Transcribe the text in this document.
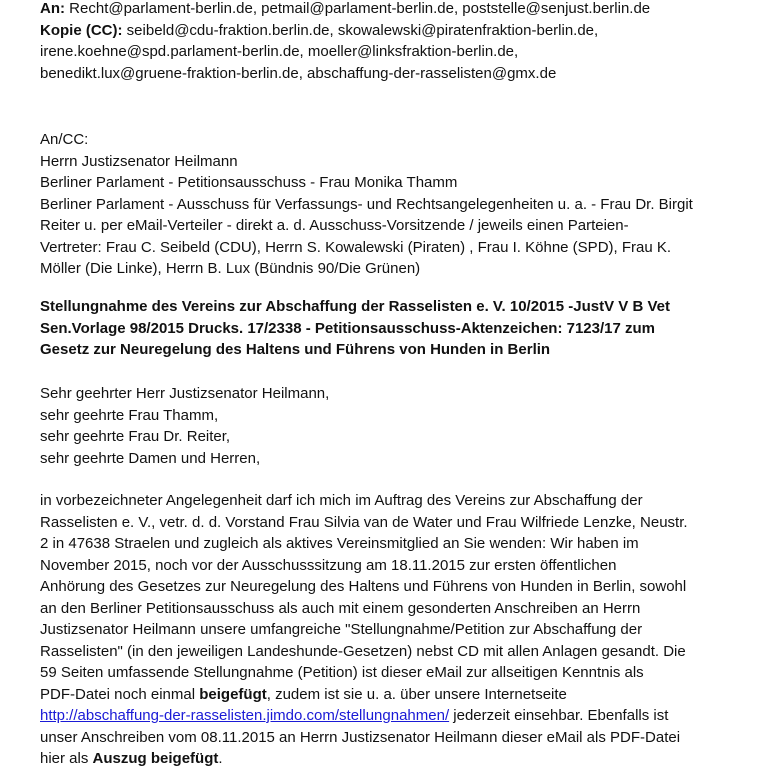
An: Recht@parlament-berlin.de, petmail@parlament-berlin.de, poststelle@senjust.berlin.de

Kopie (CC): seibeld@cdu-fraktion.berlin.de, skowalewski@piratenfraktion-berlin.de,

irene.koehne@spd.parlament-berlin.de, moeller@linksfraktion-berlin.de,

benedikt.lux@gruene-fraktion-berlin.de, abschaffung-der-rasselisten@gmx.de

An/CC:
Herrn Justizsenator Heilmann
Berliner Parlament - Petitionsausschuss - Frau Monika Thamm
Berliner Parlament - Ausschuss für Verfassungs- und Rechtsangelegenheiten u. a. - Frau Dr. Birgit
Reiter u. per eMail-Verteiler - direkt a. d. Ausschuss-Vorsitzende / jeweils einen Parteien-
Vertreter: Frau C. Seibeld (CDU), Herrn S. Kowalewski (Piraten) , Frau I. Köhne (SPD), Frau K.
Möller (Die Linke), Herrn B. Lux (Bündnis 90/Die Grünen)
Stellungnahme des Vereins zur Abschaffung der Rasselisten e. V. 10/2015 -JustV V B Vet
Sen.Vorlage 98/2015 Drucks. 17/2338 - Petitionsausschuss-Aktenzeichen: 7123/17 zum
Gesetz zur Neuregelung des Haltens und Führens von Hunden in Berlin
Sehr geehrter Herr Justizsenator Heilmann,
sehr geehrte Frau Thamm,
sehr geehrte Frau Dr. Reiter,
sehr geehrte Damen und Herren,
in vorbezeichneter Angelegenheit darf ich mich im Auftrag des Vereins zur Abschaffung der
Rasselisten e. V., vetr. d. d. Vorstand Frau Silvia van de Water und Frau Wilfriede Lenzke, Neustr.
2 in 47638 Straelen und zugleich als aktives Vereinsmitglied an Sie wenden: Wir haben im
November 2015, noch vor der Ausschusssitzung am 18.11.2015 zur ersten öffentlichen
Anhörung des Gesetzes zur Neuregelung des Haltens und Führens von Hunden in Berlin, sowohl
an den Berliner Petitionsausschuss als auch mit einem gesonderten Anschreiben an Herrn
Justizsenator Heilmann unsere umfangreiche "Stellungnahme/Petition zur Abschaffung der
Rasselisten" (in den jeweiligen Landeshunde-Gesetzen) nebst CD mit allen Anlagen gesandt. Die
59 Seiten umfassende Stellungnahme (Petition) ist dieser eMail zur allseitigen Kenntnis als
PDF-Datei noch einmal beigefügt, zudem ist sie u. a. über unsere Internetseite
http://abschaffung-der-rasselisten.jimdo.com/stellungnahmen/ jederzeit einsehbar. Ebenfalls ist
unser Anschreiben vom 08.11.2015 an Herrn Justizsenator Heilmann dieser eMail als PDF-Datei
hier als Auszug beigefügt.
